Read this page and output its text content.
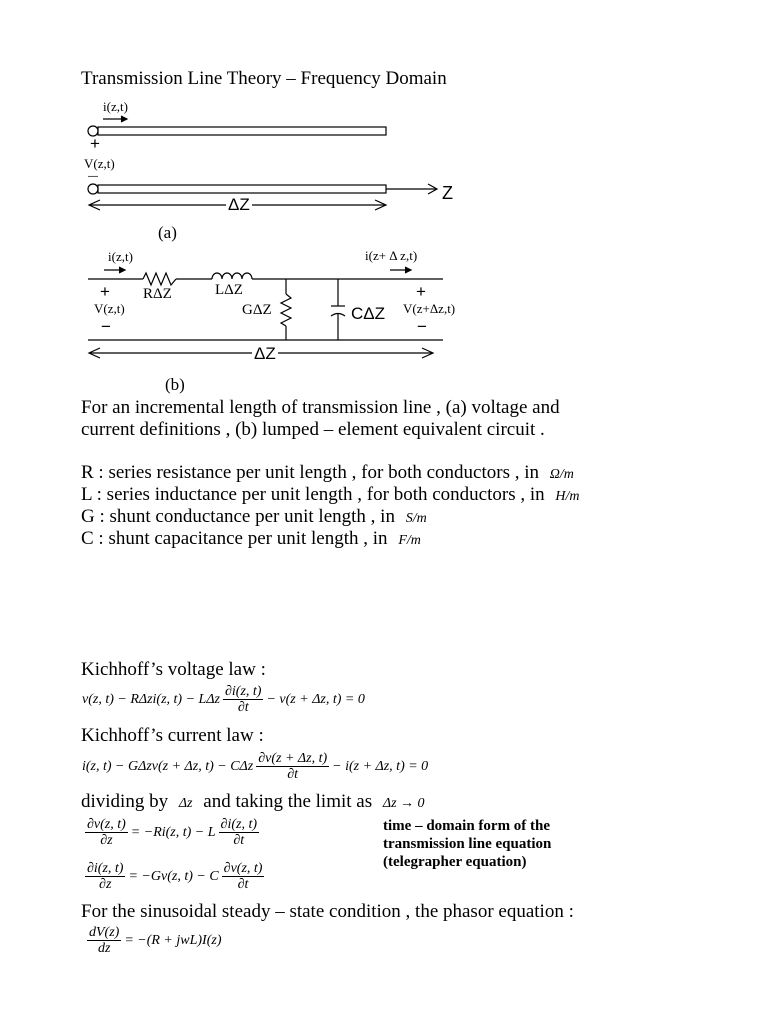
Transmission Line Theory – Frequency Domain
i(z,t)
+
V(z,t)
—
Z
ΔZ
(a)
i(z,t)	i(z+ Δ z,t)
+	+
V(z,t)	V(z+Δz,t)
−	−
RΔZ	LΔZ
GΔZ	CΔZ
ΔZ
(b)
For an incremental length of transmission line , (a) voltage and
current definitions , (b) lumped – element equivalent circuit .
R : series resistance per unit length , for both conductors , in Ω/m
L : series inductance per unit length , for both conductors , in H/m
G : shunt conductance per unit length , in S/m
C : shunt capacitance per unit length , in F/m
Kichhoff’s voltage law :
v(z, t) − RΔzi(z, t) − LΔz $\frac{\partial i(z, t)}{\partial t} - v(z + \Delta z$, t) = 0
Kichhoff’s current law :
i(z, t) − GΔzv(z + Δz, t) − CΔz $\frac{\partial v(z + \Delta z, t)}{\partial t} - i(z + \Delta z$, t) = 0
dividing by Δz and taking the limit as Δz → 0
$\frac{\partial v(z, t)}{\partial z} = -Ri(z$, t) − L $\frac{\partial i(z, t)}{\partial t}$
$\frac{\partial i(z, t)}{\partial z} = -Gv(z$, t) − C $\frac{\partial v(z, t)}{\partial t}$
time – domain form of the
transmission line equation
(telegrapher equation)
For the sinusoidal steady – state condition , the phasor equation :
$\frac{dV(z)}{dz} = -(R + jwL)I(z)$
